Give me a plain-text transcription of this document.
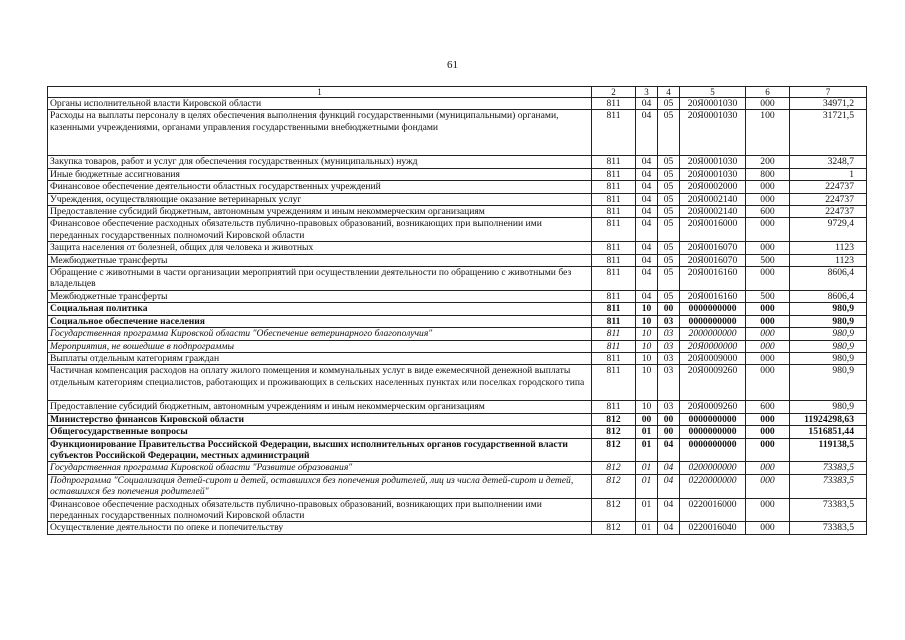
61
1	2	3	4	5	6	7
Органы исполнительной власти Кировской области	811	04	05	20Я0001030	000	34971,2
Расходы на выплаты персоналу в целях обеспечения выполнения функций государственными (муниципальными) органами, казенными учреждениями, органами управления государственными внебюджетными фондами	811	04	05	20Я0001030	100	31721,5
Закупка товаров, работ и услуг для обеспечения государственных (муниципальных) нужд	811	04	05	20Я0001030	200	3248,7
Иные бюджетные ассигнования	811	04	05	20Я0001030	800	1
Финансовое обеспечение деятельности областных государственных учреждений	811	04	05	20Я0002000	000	224737
Учреждения, осуществляющие оказание ветеринарных услуг	811	04	05	20Я0002140	000	224737
Предоставление субсидий бюджетным, автономным учреждениям и иным некоммерческим организациям	811	04	05	20Я0002140	600	224737
Финансовое обеспечение расходных обязательств публично-правовых образований, возникающих при выполнении ими переданных государственных полномочий Кировской области	811	04	05	20Я0016000	000	9729,4
Защита населения от болезней, общих для человека и животных	811	04	05	20Я0016070	000	1123
Межбюджетные трансферты	811	04	05	20Я0016070	500	1123
Обращение с животными в части организации мероприятий при осуществлении деятельности по обращению с животными без владельцев	811	04	05	20Я0016160	000	8606,4
Межбюджетные трансферты	811	04	05	20Я0016160	500	8606,4
Социальная политика	811	10	00	0000000000	000	980,9
Социальное обеспечение населения	811	10	03	0000000000	000	980,9
Государственная программа Кировской области "Обеспечение ветеринарного благополучия"	811	10	03	2000000000	000	980,9
Мероприятия, не вошедшие в подпрограммы	811	10	03	20Я0000000	000	980,9
Выплаты отдельным категориям граждан	811	10	03	20Я0009000	000	980,9
Частичная компенсация расходов на оплату жилого помещения и коммунальных услуг в виде ежемесячной денежной выплаты отдельным категориям специалистов, работающих и проживающих в сельских населенных пунктах или поселках городского типа	811	10	03	20Я0009260	000	980,9
Предоставление субсидий бюджетным, автономным учреждениям и иным некоммерческим организациям	811	10	03	20Я0009260	600	980,9
Министерство финансов Кировской области	812	00	00	0000000000	000	11924298,63
Общегосударственные вопросы	812	01	00	0000000000	000	1516851,44
Функционирование Правительства Российской Федерации, высших исполнительных органов государственной власти субъектов Российской Федерации, местных администраций	812	01	04	0000000000	000	119138,5
Государственная программа Кировской области "Развитие образования"	812	01	04	0200000000	000	73383,5
Подпрограмма "Социализация детей-сирот и детей, оставшихся без попечения родителей, лиц из числа детей-сирот и детей, оставшихся без попечения родителей"	812	01	04	0220000000	000	73383,5
Финансовое обеспечение расходных обязательств публично-правовых образований, возникающих при выполнении ими переданных государственных полномочий Кировской области	812	01	04	0220016000	000	73383,5
Осуществление деятельности по опеке и попечительству	812	01	04	0220016040	000	73383,5
